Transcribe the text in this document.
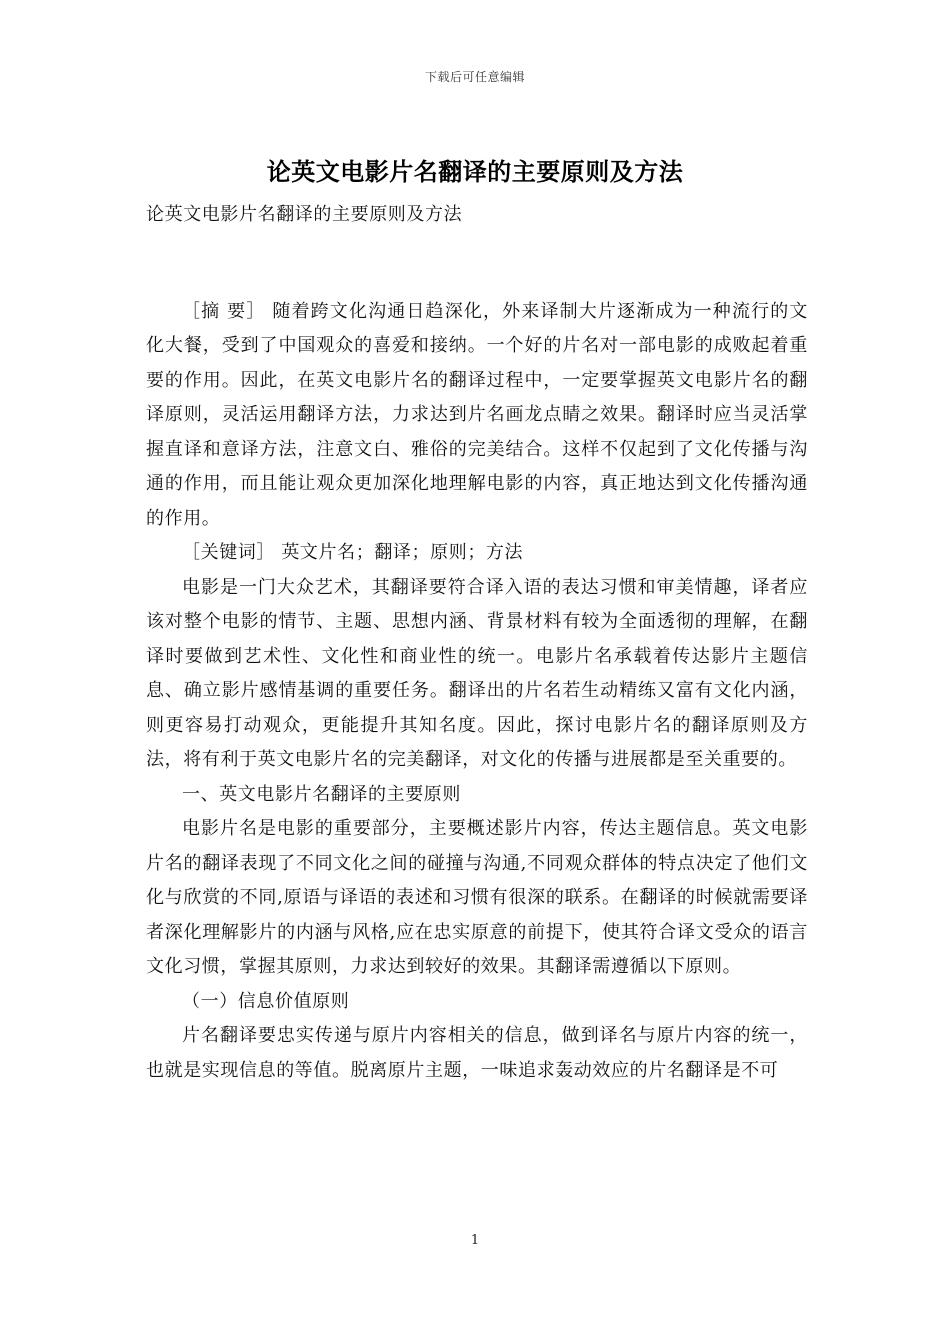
下载后可任意编辑
论英文电影片名翻译的主要原则及方法

论英文电影片名翻译的主要原则及方法

［摘 要］ 随着跨文化沟通日趋深化，外来译制大片逐渐成为一种流行的文化大餐，受到了中国观众的喜爱和接纳。一个好的片名对一部电影的成败起着重要的作用。因此，在英文电影片名的翻译过程中，一定要掌握英文电影片名的翻译原则，灵活运用翻译方法，力求达到片名画龙点睛之效果。翻译时应当灵活掌握直译和意译方法，注意文白、雅俗的完美结合。这样不仅起到了文化传播与沟通的作用，而且能让观众更加深化地理解电影的内容，真正地达到文化传播沟通的作用。

［关键词］ 英文片名；翻译；原则；方法

电影是一门大众艺术，其翻译要符合译入语的表达习惯和审美情趣，译者应该对整个电影的情节、主题、思想内涵、背景材料有较为全面透彻的理解，在翻译时要做到艺术性、文化性和商业性的统一。电影片名承载着传达影片主题信息、确立影片感情基调的重要任务。翻译出的片名若生动精练又富有文化内涵，则更容易打动观众，更能提升其知名度。因此，探讨电影片名的翻译原则及方法，将有利于英文电影片名的完美翻译，对文化的传播与进展都是至关重要的。

一、英文电影片名翻译的主要原则

电影片名是电影的重要部分，主要概述影片内容，传达主题信息。英文电影片名的翻译表现了不同文化之间的碰撞与沟通,不同观众群体的特点决定了他们文化与欣赏的不同,原语与译语的表述和习惯有很深的联系。在翻译的时候就需要译者深化理解影片的内涵与风格,应在忠实原意的前提下，使其符合译文受众的语言文化习惯，掌握其原则，力求达到较好的效果。其翻译需遵循以下原则。

（一）信息价值原则

片名翻译要忠实传递与原片内容相关的信息，做到译名与原片内容的统一，也就是实现信息的等值。脱离原片主题，一味追求轰动效应的片名翻译是不可

1
